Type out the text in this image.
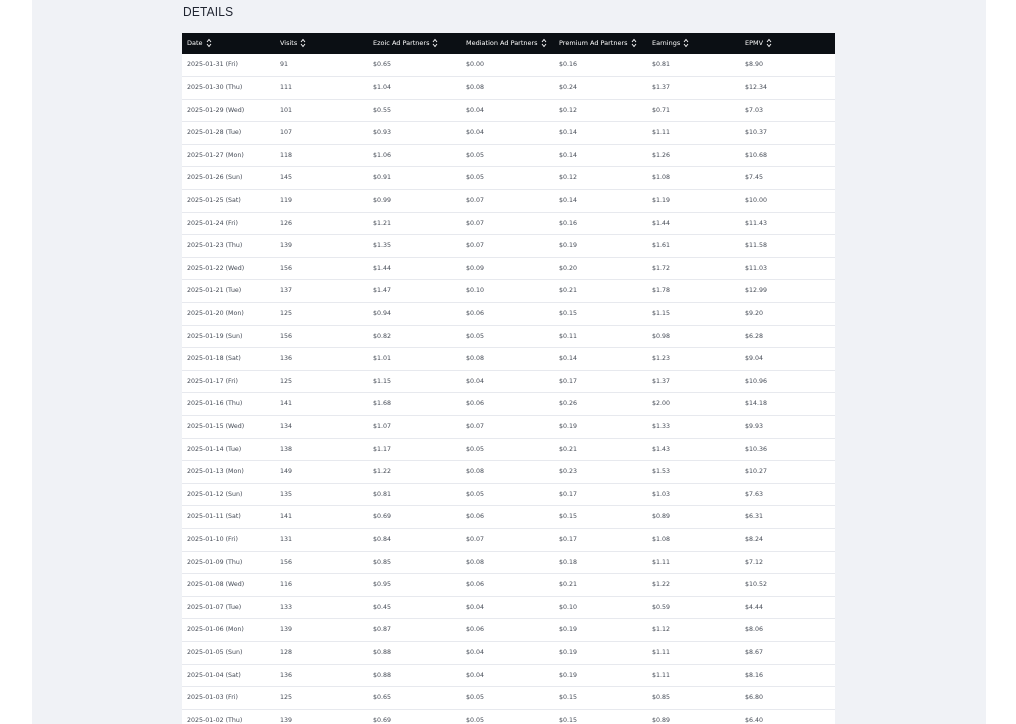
DETAILS
Date	Visits	Ezoic Ad Partners	Mediation Ad Partners	Premium Ad Partners	Earnings	EPMV

2025-01-31 (Fri)	91	$0.65	$0.00	$0.16	$0.81	$8.90
2025-01-30 (Thu)	111	$1.04	$0.08	$0.24	$1.37	$12.34
2025-01-29 (Wed)	101	$0.55	$0.04	$0.12	$0.71	$7.03
2025-01-28 (Tue)	107	$0.93	$0.04	$0.14	$1.11	$10.37
2025-01-27 (Mon)	118	$1.06	$0.05	$0.14	$1.26	$10.68
2025-01-26 (Sun)	145	$0.91	$0.05	$0.12	$1.08	$7.45
2025-01-25 (Sat)	119	$0.99	$0.07	$0.14	$1.19	$10.00
2025-01-24 (Fri)	126	$1.21	$0.07	$0.16	$1.44	$11.43
2025-01-23 (Thu)	139	$1.35	$0.07	$0.19	$1.61	$11.58
2025-01-22 (Wed)	156	$1.44	$0.09	$0.20	$1.72	$11.03
2025-01-21 (Tue)	137	$1.47	$0.10	$0.21	$1.78	$12.99
2025-01-20 (Mon)	125	$0.94	$0.06	$0.15	$1.15	$9.20
2025-01-19 (Sun)	156	$0.82	$0.05	$0.11	$0.98	$6.28
2025-01-18 (Sat)	136	$1.01	$0.08	$0.14	$1.23	$9.04
2025-01-17 (Fri)	125	$1.15	$0.04	$0.17	$1.37	$10.96
2025-01-16 (Thu)	141	$1.68	$0.06	$0.26	$2.00	$14.18
2025-01-15 (Wed)	134	$1.07	$0.07	$0.19	$1.33	$9.93
2025-01-14 (Tue)	138	$1.17	$0.05	$0.21	$1.43	$10.36
2025-01-13 (Mon)	149	$1.22	$0.08	$0.23	$1.53	$10.27
2025-01-12 (Sun)	135	$0.81	$0.05	$0.17	$1.03	$7.63
2025-01-11 (Sat)	141	$0.69	$0.06	$0.15	$0.89	$6.31
2025-01-10 (Fri)	131	$0.84	$0.07	$0.17	$1.08	$8.24
2025-01-09 (Thu)	156	$0.85	$0.08	$0.18	$1.11	$7.12
2025-01-08 (Wed)	116	$0.95	$0.06	$0.21	$1.22	$10.52
2025-01-07 (Tue)	133	$0.45	$0.04	$0.10	$0.59	$4.44
2025-01-06 (Mon)	139	$0.87	$0.06	$0.19	$1.12	$8.06
2025-01-05 (Sun)	128	$0.88	$0.04	$0.19	$1.11	$8.67
2025-01-04 (Sat)	136	$0.88	$0.04	$0.19	$1.11	$8.16
2025-01-03 (Fri)	125	$0.65	$0.05	$0.15	$0.85	$6.80
2025-01-02 (Thu)	139	$0.69	$0.05	$0.15	$0.89	$6.40
